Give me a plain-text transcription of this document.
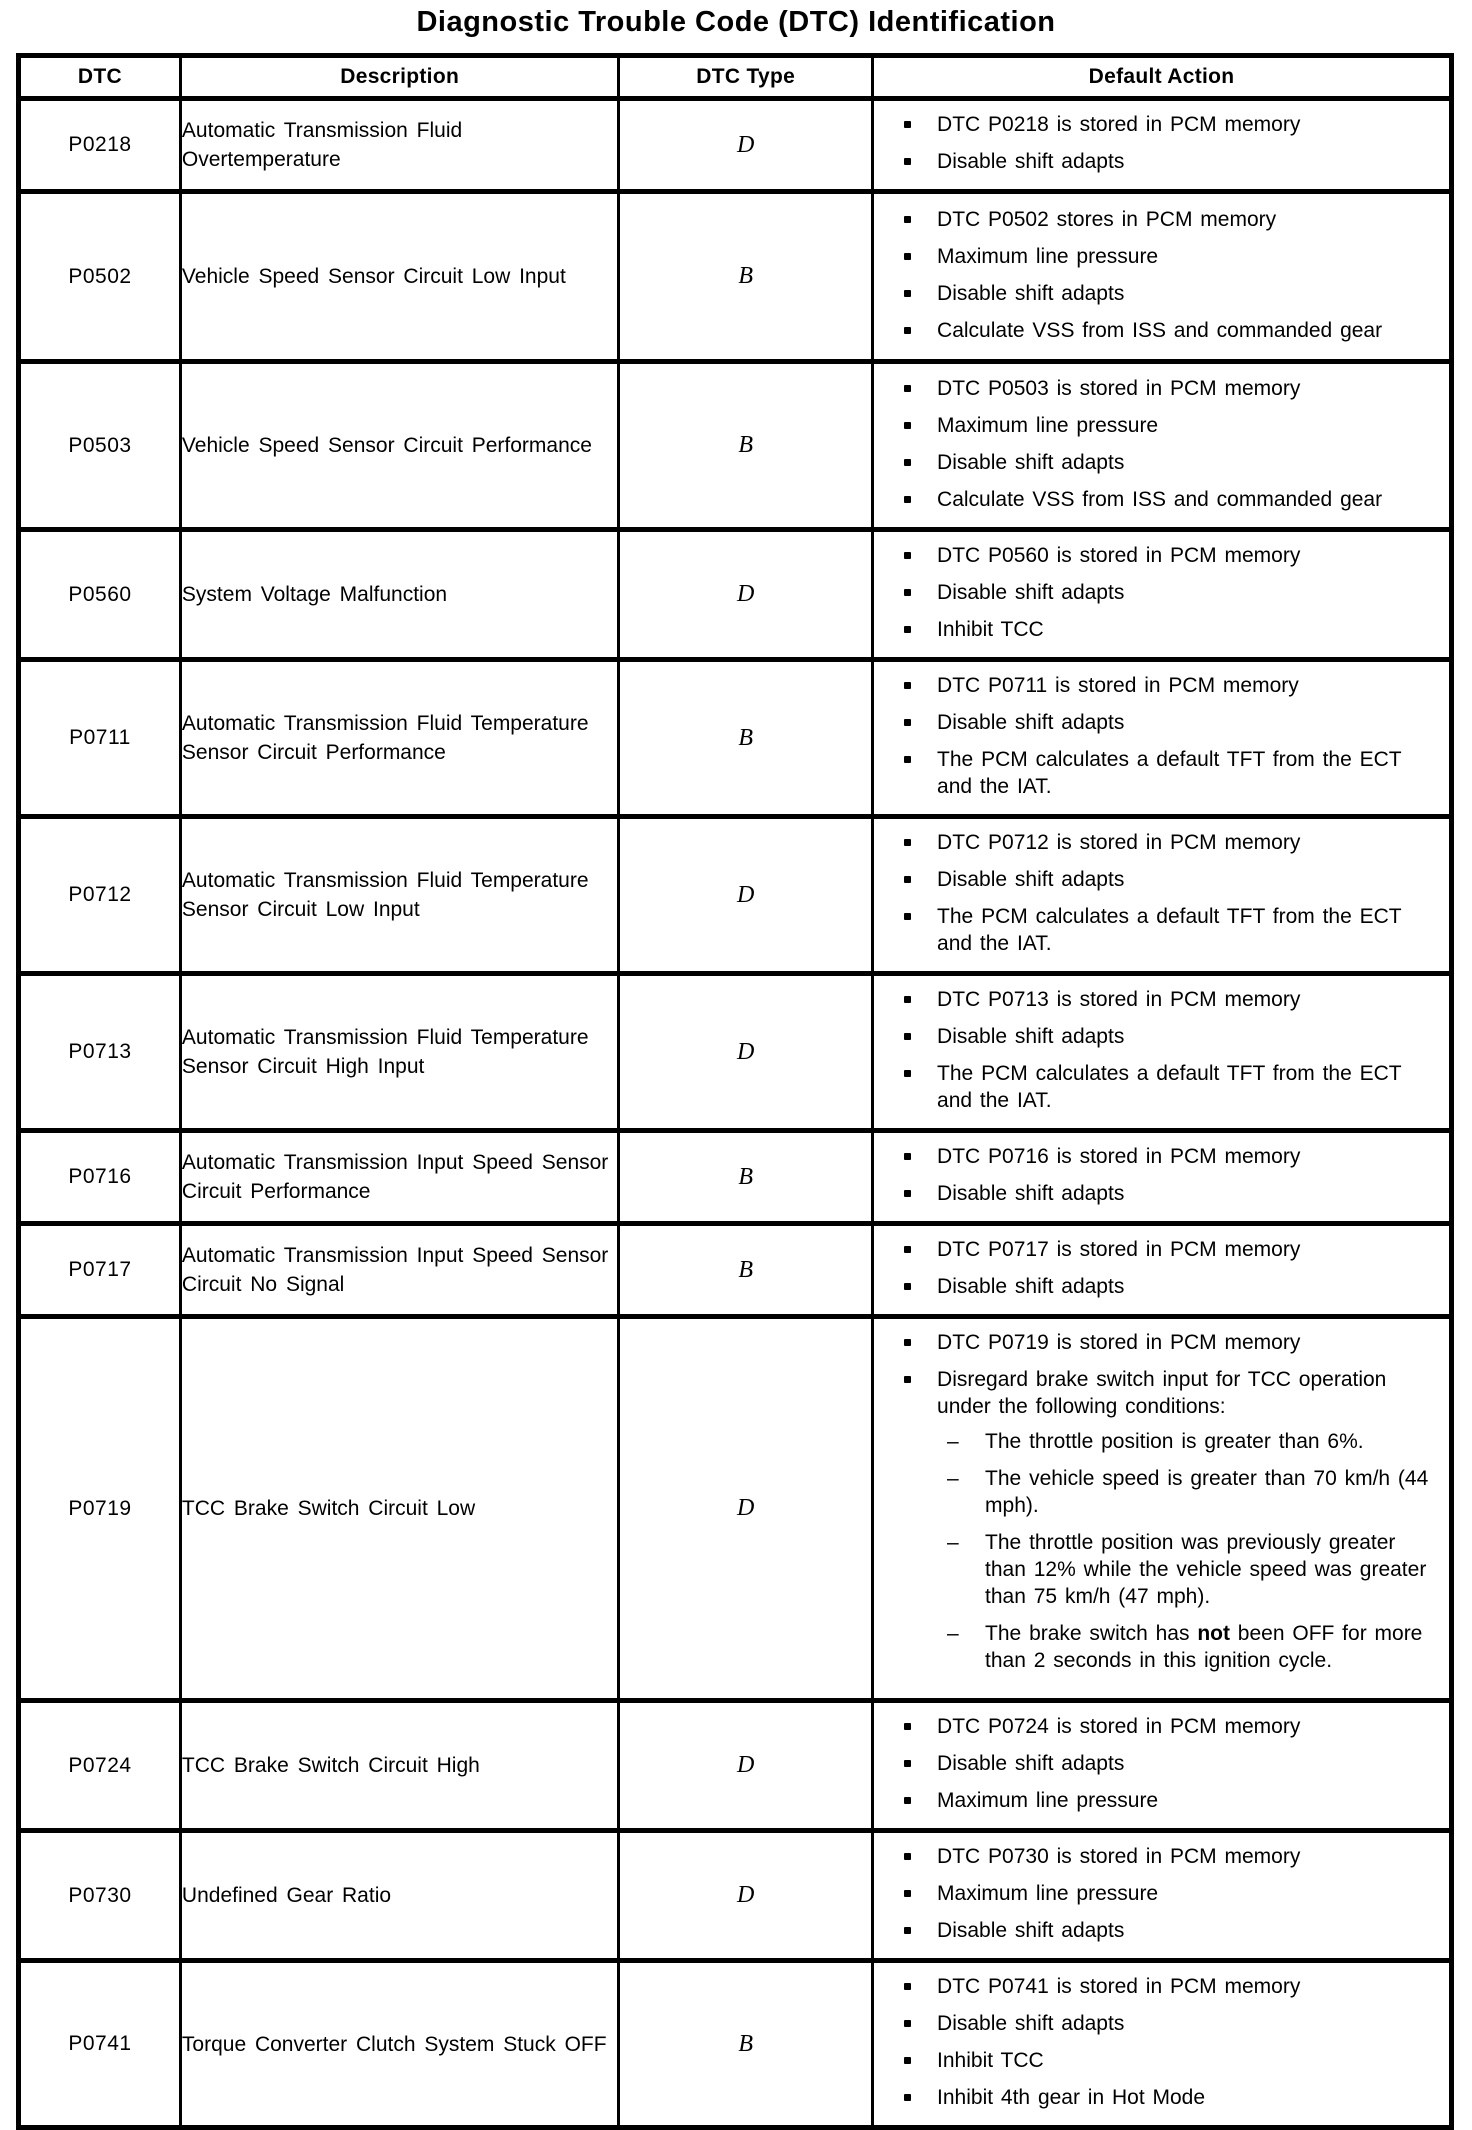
Diagnostic Trouble Code (DTC) Identification
DTC	Description	DTC Type	Default Action
P0218	Automatic Transmission Fluid Overtemperature	D	
DTC P0218 is stored in PCM memory
Disable shift adapts

P0502	Vehicle Speed Sensor Circuit Low Input	B	
DTC P0502 stores in PCM memory
Maximum line pressure
Disable shift adapts
Calculate VSS from ISS and commanded gear

P0503	Vehicle Speed Sensor Circuit Performance	B	
DTC P0503 is stored in PCM memory
Maximum line pressure
Disable shift adapts
Calculate VSS from ISS and commanded gear

P0560	System Voltage Malfunction	D	
DTC P0560 is stored in PCM memory
Disable shift adapts
Inhibit TCC

P0711	Automatic Transmission Fluid Temperature Sensor Circuit Performance	B	
DTC P0711 is stored in PCM memory
Disable shift adapts
The PCM calculates a default TFT from the ECT and the IAT.

P0712	Automatic Transmission Fluid Temperature Sensor Circuit Low Input	D	
DTC P0712 is stored in PCM memory
Disable shift adapts
The PCM calculates a default TFT from the ECT and the IAT.

P0713	Automatic Transmission Fluid Temperature Sensor Circuit High Input	D	
DTC P0713 is stored in PCM memory
Disable shift adapts
The PCM calculates a default TFT from the ECT and the IAT.

P0716	Automatic Transmission Input Speed Sensor Circuit Performance	B	
DTC P0716 is stored in PCM memory
Disable shift adapts

P0717	Automatic Transmission Input Speed Sensor Circuit No Signal	B	
DTC P0717 is stored in PCM memory
Disable shift adapts

P0719	TCC Brake Switch Circuit Low	D	
DTC P0719 is stored in PCM memory
Disregard brake switch input for TCC operation under the following conditions:
–	The throttle position is greater than 6%.
–	The vehicle speed is greater than 70 km/h (44 mph).
–	The throttle position was previously greater than 12% while the vehicle speed was greater than 75 km/h (47 mph).
–	The brake switch has not been OFF for more than 2 seconds in this ignition cycle.

P0724	TCC Brake Switch Circuit High	D	
DTC P0724 is stored in PCM memory
Disable shift adapts
Maximum line pressure

P0730	Undefined Gear Ratio	D	
DTC P0730 is stored in PCM memory
Maximum line pressure
Disable shift adapts

P0741	Torque Converter Clutch System Stuck OFF	B	
DTC P0741 is stored in PCM memory
Disable shift adapts
Inhibit TCC
Inhibit 4th gear in Hot Mode
